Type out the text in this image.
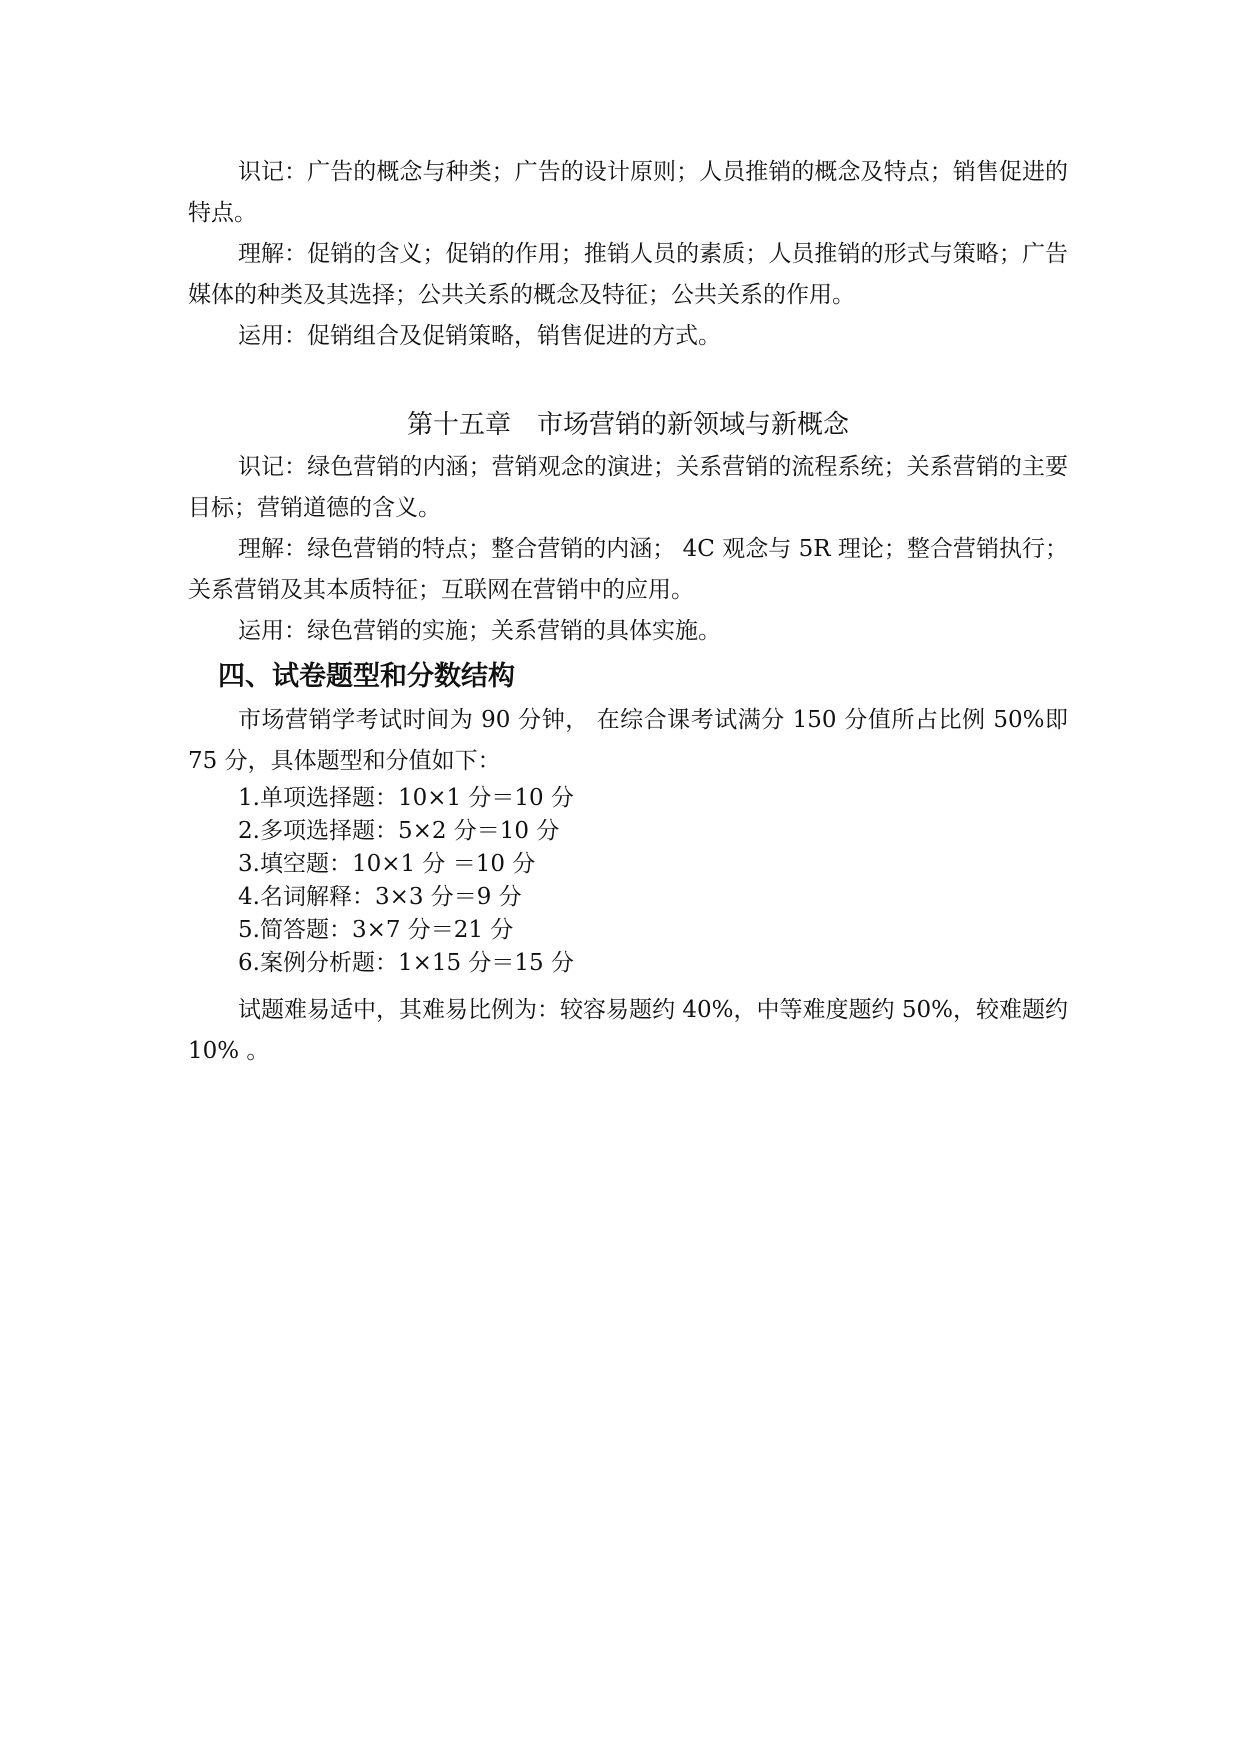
识记：广告的概念与种类；广告的设计原则；人员推销的概念及特点；销售促进的特点。

理解：促销的含义；促销的作用；推销人员的素质；人员推销的形式与策略；广告媒体的种类及其选择；公共关系的概念及特征；公共关系的作用。

运用：促销组合及促销策略，销售促进的方式。

第十五章 市场营销的新领域与新概念

识记：绿色营销的内涵；营销观念的演进；关系营销的流程系统；关系营销的主要目标；营销道德的含义。

理解：绿色营销的特点；整合营销的内涵； 4C 观念与 5R 理论；整合营销执行；关系营销及其本质特征；互联网在营销中的应用。

运用：绿色营销的实施；关系营销的具体实施。

四、试卷题型和分数结构

市场营销学考试时间为 90 分钟， 在综合课考试满分 150 分值所占比例 50%即 75 分，具体题型和分值如下：

1.单项选择题：10×1 分＝10 分
2.多项选择题：5×2 分＝10 分
3.填空题：10×1 分 ＝10 分
4.名词解释：3×3 分＝9 分
5.简答题：3×7 分＝21 分
6.案例分析题：1×15 分＝15 分

试题难易适中，其难易比例为：较容易题约 40%，中等难度题约 50%，较难题约 10% 。
